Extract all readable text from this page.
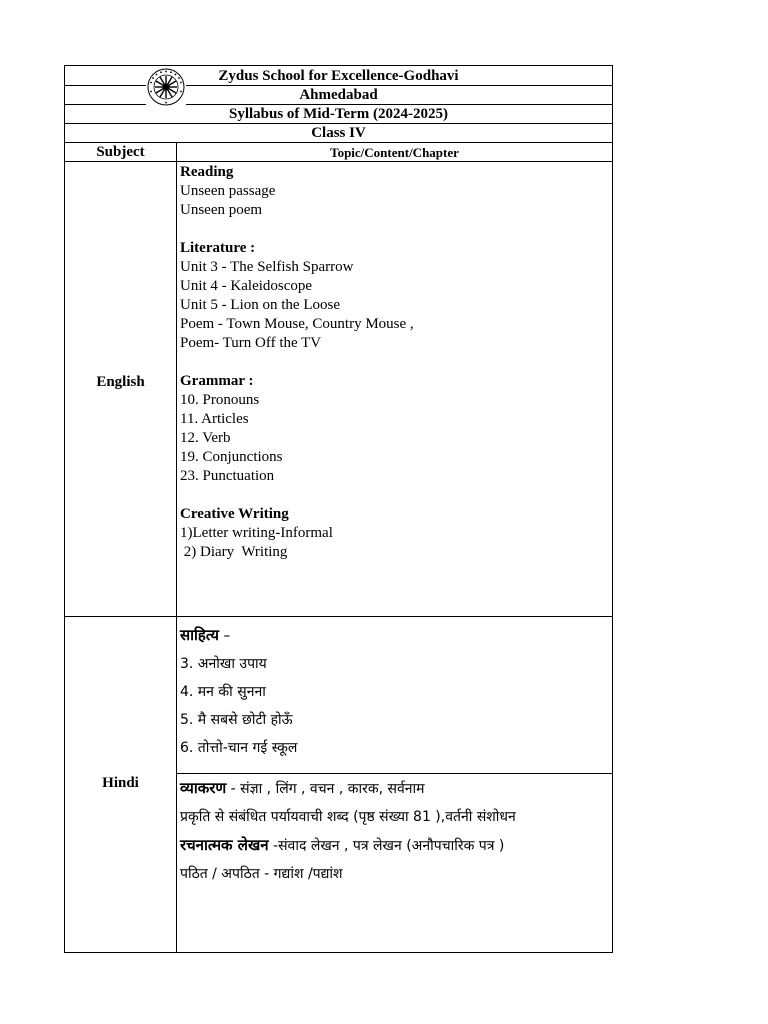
Zydus School for Excellence-Godhavi
Ahmedabad
Syllabus of Mid-Term (2024-2025)
Class IV
Subject	Topic/Content/Chapter
English
Hindi
Reading
Unseen passage
Unseen poem
Literature :
Unit 3 - The Selfish Sparrow
Unit 4 - Kaleidoscope
Unit 5 - Lion on the Loose
Poem - Town Mouse, Country Mouse ,
Poem- Turn Off the TV
Grammar :
10. Pronouns
11. Articles
12. Verb
19. Conjunctions
23. Punctuation
Creative Writing
1)Letter writing-Informal
2) Diary  Writing
साहित्य –
3. अनोखा उपाय
4. मन की सुनना
5. मै सबसे छोटी होऊँ
6. तोत्तो-चान गई स्कूल
व्याकरण - संज्ञा , लिंग , वचन , कारक, सर्वनाम
प्रकृति से संबंधित पर्यायवाची शब्द (पृष्ठ संख्या 81 ),वर्तनी संशोधन
रचनात्मक लेखन -संवाद लेखन , पत्र लेखन (अनौपचारिक पत्र )
पठित / अपठित - गद्यांश /पद्यांश
